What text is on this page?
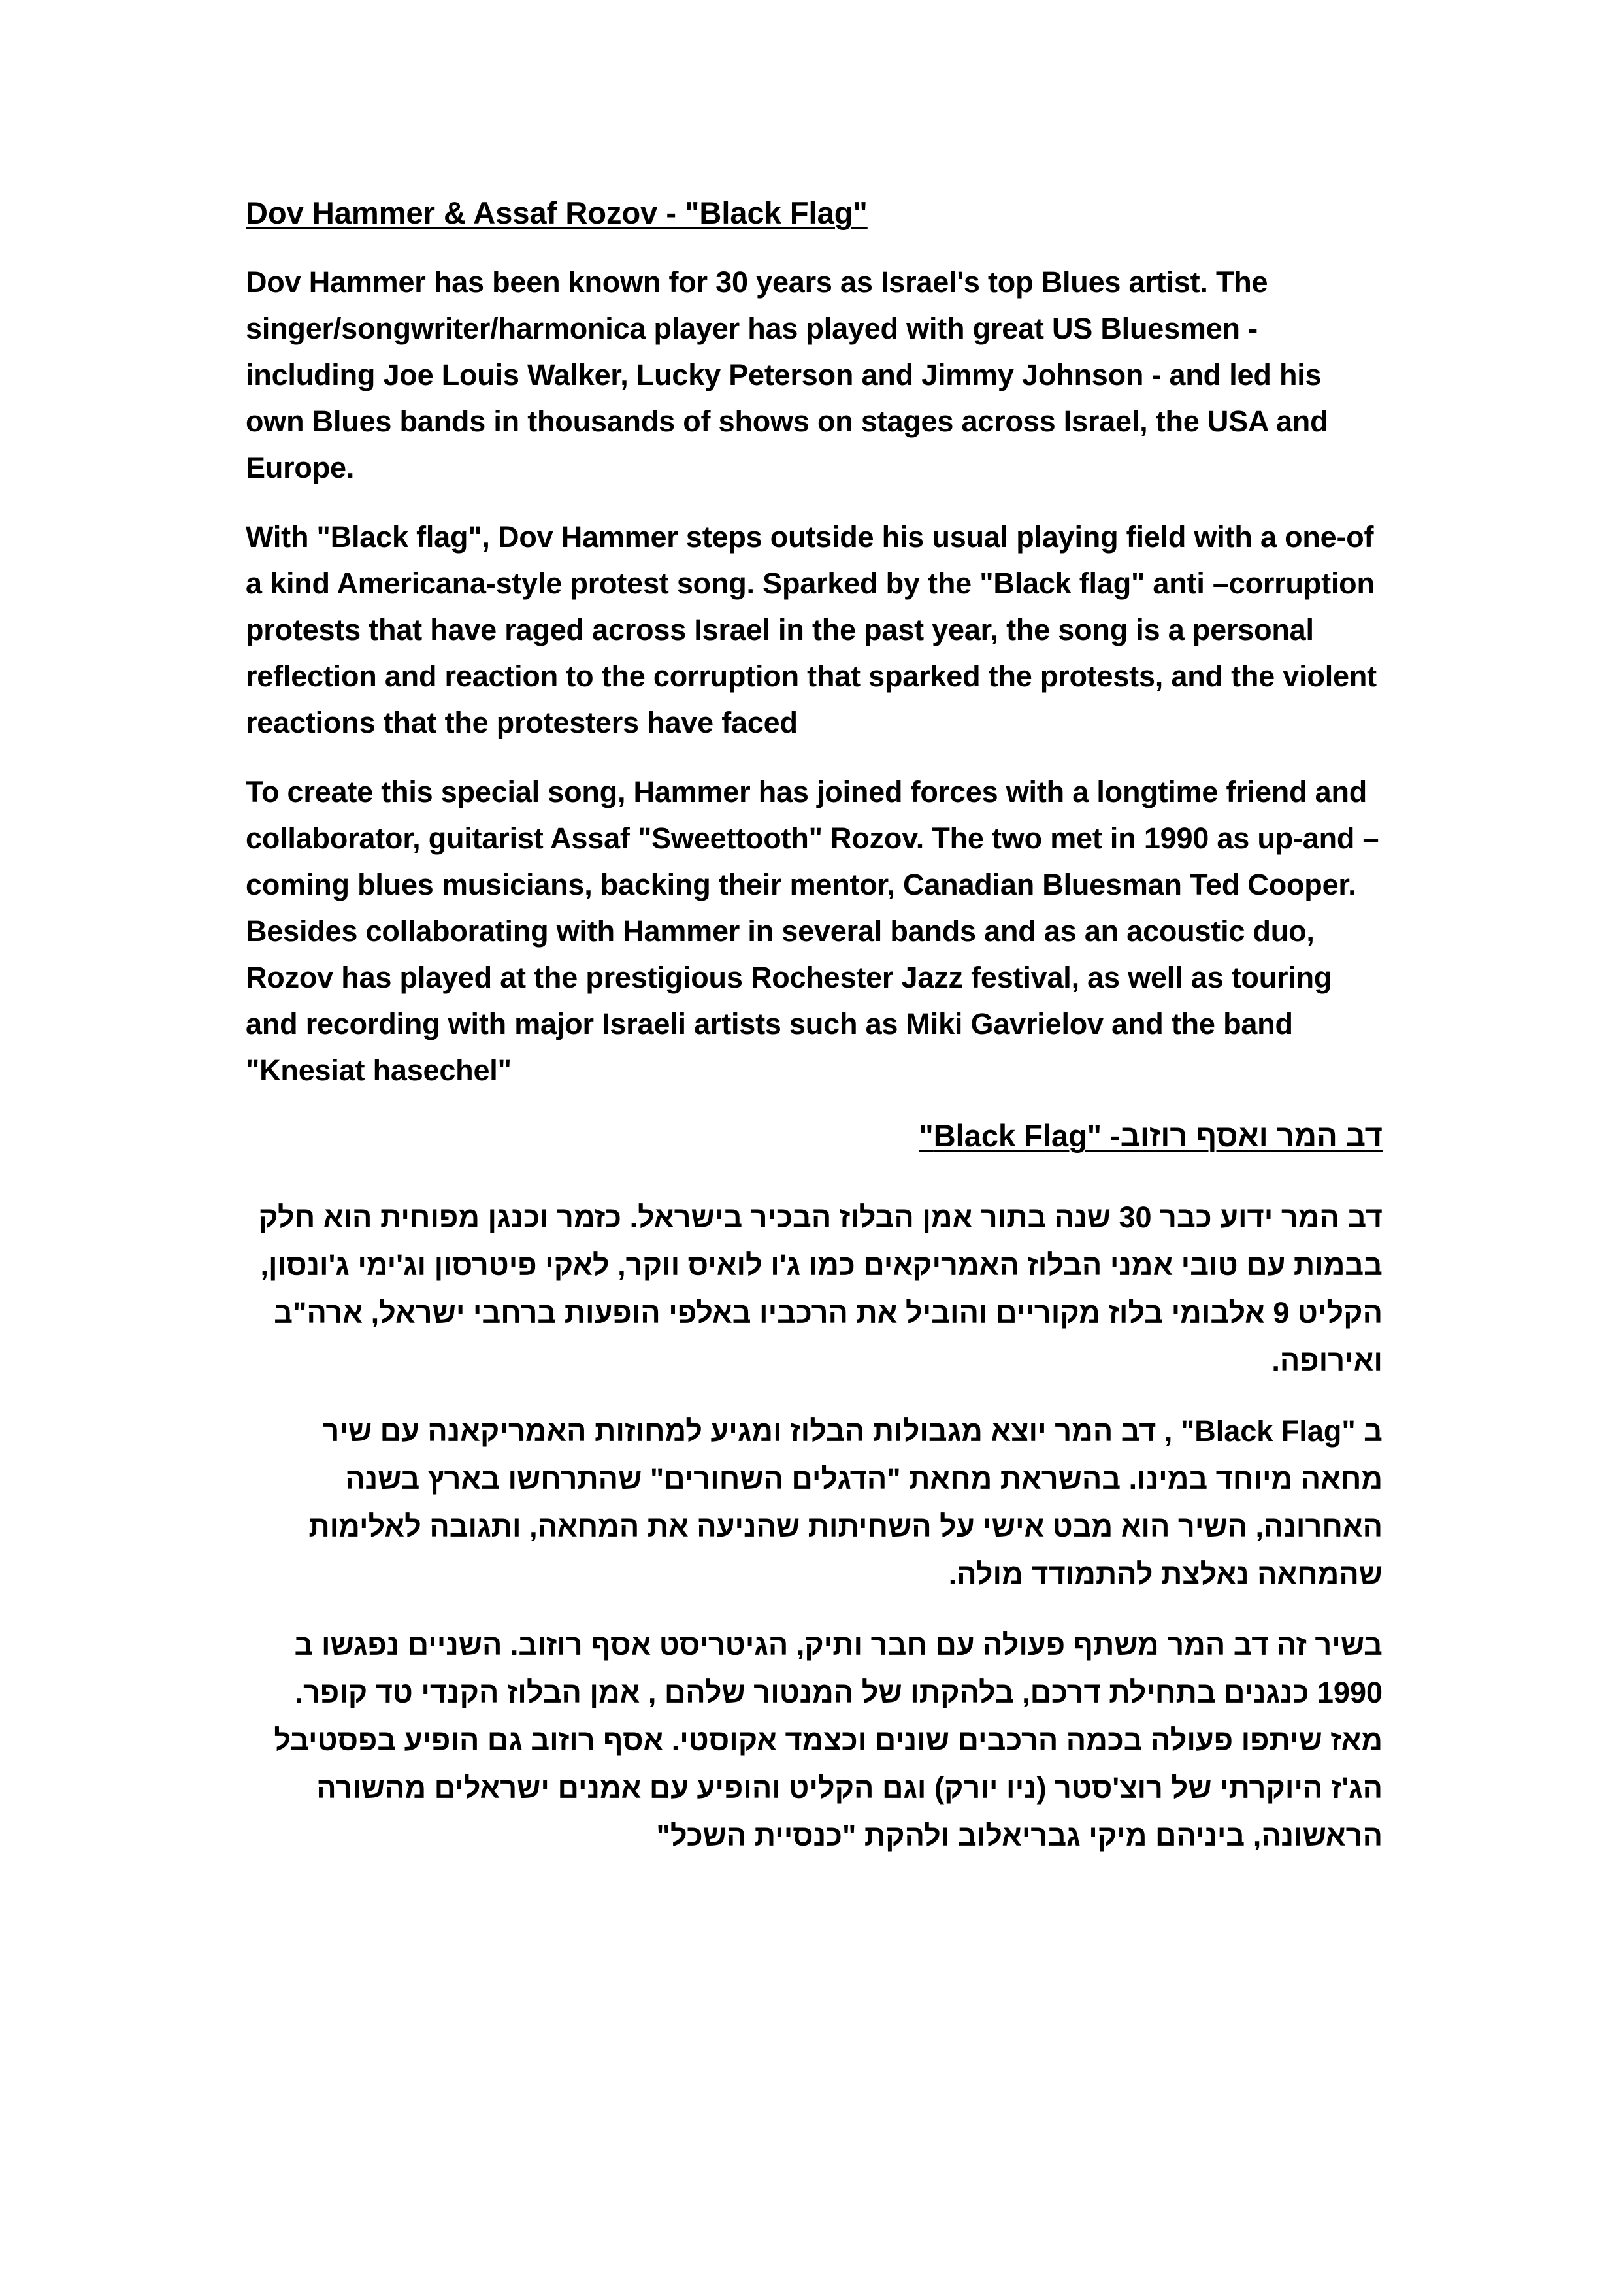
Dov Hammer & Assaf Rozov - "Black Flag"

Dov Hammer has been known for 30 years as Israel's top Blues artist. The singer/songwriter/harmonica player has played with great US Bluesmen - including Joe Louis Walker, Lucky Peterson and Jimmy Johnson - and led his own Blues bands in thousands of shows on stages across Israel, the USA and Europe.

With "Black flag", Dov Hammer steps outside his usual playing field with a one-of a kind Americana-style protest song. Sparked by the "Black flag" anti –corruption protests that have raged across Israel in the past year, the song is a personal reflection and reaction to the corruption that sparked the protests, and the violent reactions that the protesters have faced

To create this special song, Hammer has joined forces with a longtime friend and collaborator, guitarist Assaf "Sweettooth" Rozov. The two met in 1990 as up-and –coming blues musicians, backing their mentor, Canadian Bluesman Ted Cooper. Besides collaborating with Hammer in several bands and as an acoustic duo, Rozov has played at the prestigious Rochester Jazz festival, as well as touring and recording with major Israeli artists such as Miki Gavrielov and the band "Knesiat hasechel"

דב המר ואסף רוזוב- "Black Flag"

דב המר ידוע כבר 30 שנה בתור אמן הבלוז הבכיר בישראל. כזמר וכנגן מפוחית הוא חלק בבמות עם טובי אמני הבלוז האמריקאים כמו ג'ו לואיס ווקר, לאקי פיטרסון וג'ימי ג'ונסון, הקליט 9 אלבומי בלוז מקוריים והוביל את הרכביו באלפי הופעות ברחבי ישראל, ארה"ב ואירופה.

ב "Black Flag" , דב המר יוצא מגבולות הבלוז ומגיע למחוזות האמריקאנה עם שיר מחאה מיוחד במינו. בהשראת מחאת "הדגלים השחורים" שהתרחשו בארץ בשנה האחרונה, השיר הוא מבט אישי על השחיתות שהניעה את המחאה, ותגובה לאלימות שהמחאה נאלצת להתמודד מולה.

בשיר זה דב המר משתף פעולה עם חבר ותיק, הגיטריסט אסף רוזוב. השניים נפגשו ב 1990 כנגנים בתחילת דרכם, בלהקתו של המנטור שלהם , אמן הבלוז הקנדי טד קופר. מאז שיתפו פעולה בכמה הרכבים שונים וכצמד אקוסטי. אסף רוזוב גם הופיע בפסטיבל הג'ז היוקרתי של רוצ'סטר (ניו יורק) וגם הקליט והופיע עם אמנים ישראלים מהשורה הראשונה, ביניהם מיקי גבריאלוב ולהקת "כנסיית השכל"
